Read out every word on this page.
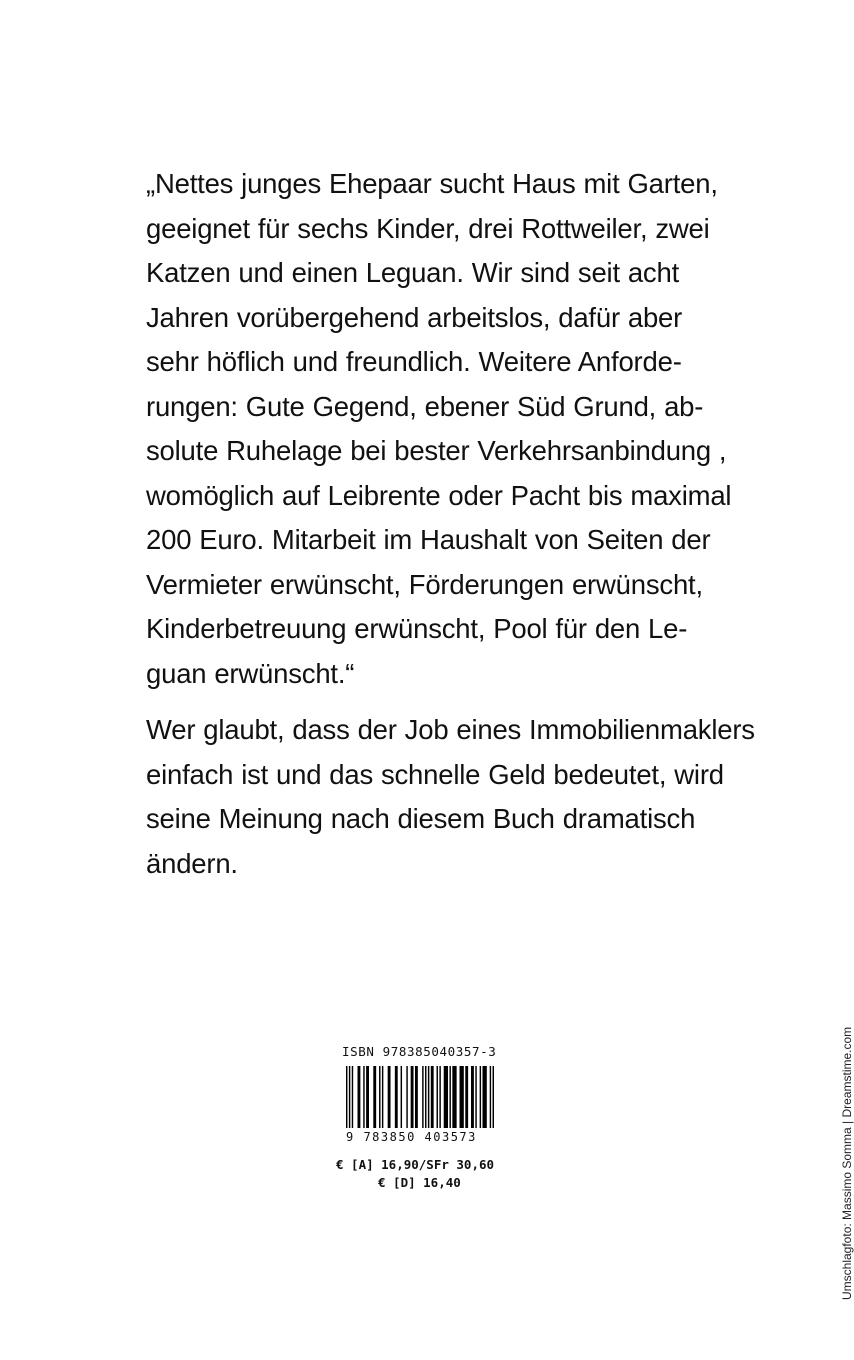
„Nettes junges Ehepaar sucht Haus mit Garten,
geeignet für sechs Kinder, drei Rottweiler, zwei
Katzen und einen Leguan. Wir sind seit acht
Jahren vorübergehend arbeitslos, dafür aber
sehr höflich und freundlich. Weitere Anforde-
rungen: Gute Gegend, ebener Süd Grund, ab-
solute Ruhelage bei bester Verkehrsanbindung ,
womöglich auf Leibrente oder Pacht bis maximal
200 Euro. Mitarbeit im Haushalt von Seiten der
Vermieter erwünscht, Förderungen erwünscht,
Kinderbetreuung erwünscht, Pool für den Le-
guan erwünscht.“
Wer glaubt, dass der Job eines Immobilienmaklers
einfach ist und das schnelle Geld bedeutet, wird
seine Meinung nach diesem Buch dramatisch
ändern.
ISBN 978385040357-3
9 783850 403573
€ [A] 16,90/SFr 30,60
€ [D] 16,40	Umschlagfoto: Massimo Somma | Dreamstime.com
